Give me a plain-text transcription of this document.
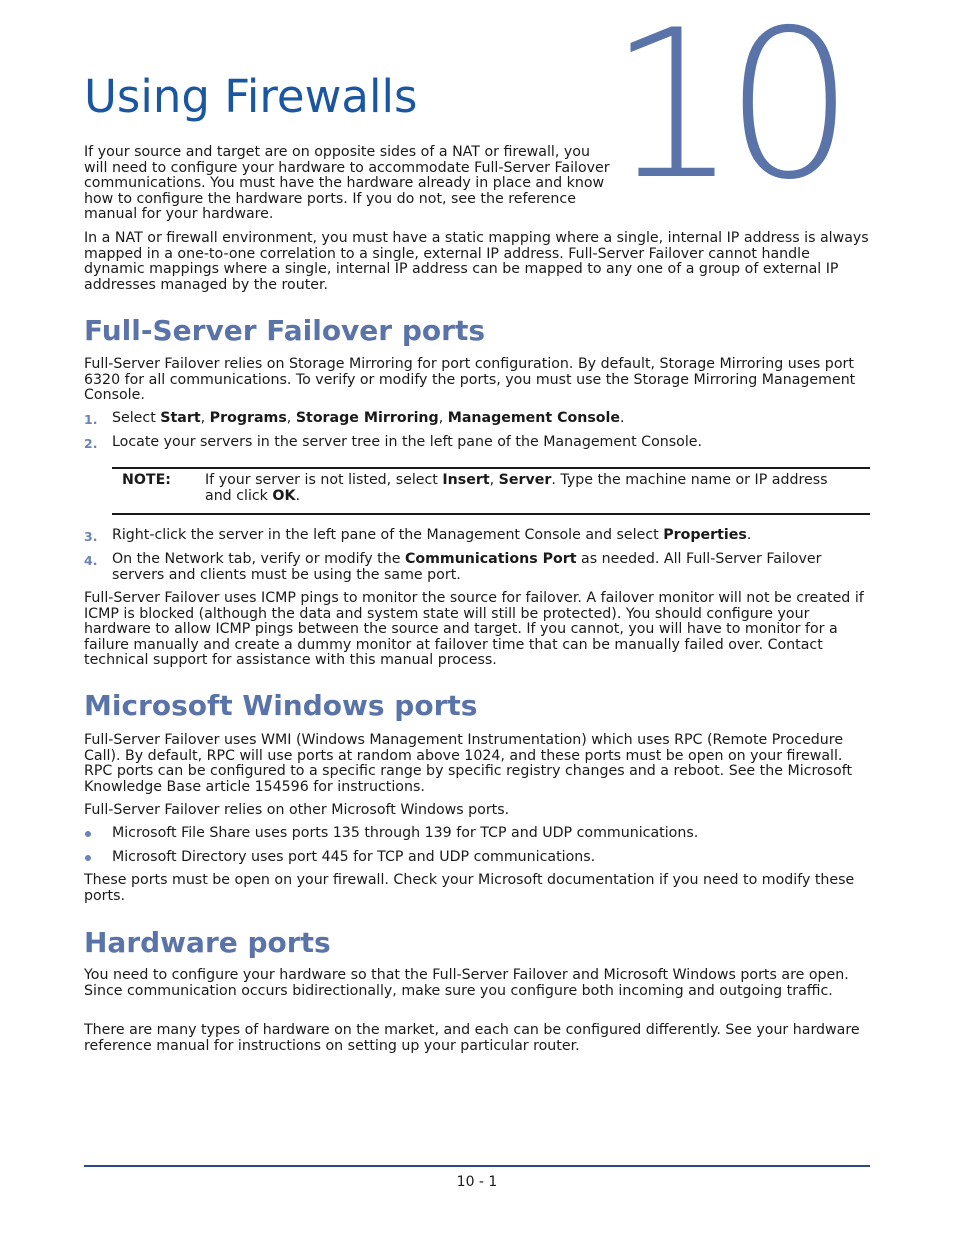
10
Using Firewalls

If your source and target are on opposite sides of a NAT or firewall, you will need to configure your hardware to accommodate Full-Server Failover communications. You must have the hardware already in place and know how to configure the hardware ports. If you do not, see the reference manual for your hardware.

In a NAT or firewall environment, you must have a static mapping where a single, internal IP address is always mapped in a one-to-one correlation to a single, external IP address. Full-Server Failover cannot handle dynamic mappings where a single, internal IP address can be mapped to any one of a group of external IP addresses managed by the router.

Full-Server Failover ports

Full-Server Failover relies on Storage Mirroring for port configuration. By default, Storage Mirroring uses port 6320 for all communications. To verify or modify the ports, you must use the Storage Mirroring Management Console.

1. Select Start, Programs, Storage Mirroring, Management Console.

2. Locate your servers in the server tree in the left pane of the Management Console.

NOTE: If your server is not listed, select Insert, Server. Type the machine name or IP address and click OK.

3. Right-click the server in the left pane of the Management Console and select Properties.

4. On the Network tab, verify or modify the Communications Port as needed. All Full-Server Failover servers and clients must be using the same port.

Full-Server Failover uses ICMP pings to monitor the source for failover. A failover monitor will not be created if ICMP is blocked (although the data and system state will still be protected). You should configure your hardware to allow ICMP pings between the source and target. If you cannot, you will have to monitor for a failure manually and create a dummy monitor at failover time that can be manually failed over. Contact technical support for assistance with this manual process.

Microsoft Windows ports

Full-Server Failover uses WMI (Windows Management Instrumentation) which uses RPC (Remote Procedure Call). By default, RPC will use ports at random above 1024, and these ports must be open on your firewall. RPC ports can be configured to a specific range by specific registry changes and a reboot. See the Microsoft Knowledge Base article 154596 for instructions.

Full-Server Failover relies on other Microsoft Windows ports.

Microsoft File Share uses ports 135 through 139 for TCP and UDP communications.

Microsoft Directory uses port 445 for TCP and UDP communications.

These ports must be open on your firewall. Check your Microsoft documentation if you need to modify these ports.

Hardware ports

You need to configure your hardware so that the Full-Server Failover and Microsoft Windows ports are open. Since communication occurs bidirectionally, make sure you configure both incoming and outgoing traffic.

There are many types of hardware on the market, and each can be configured differently. See your hardware reference manual for instructions on setting up your particular router.

10 - 1
